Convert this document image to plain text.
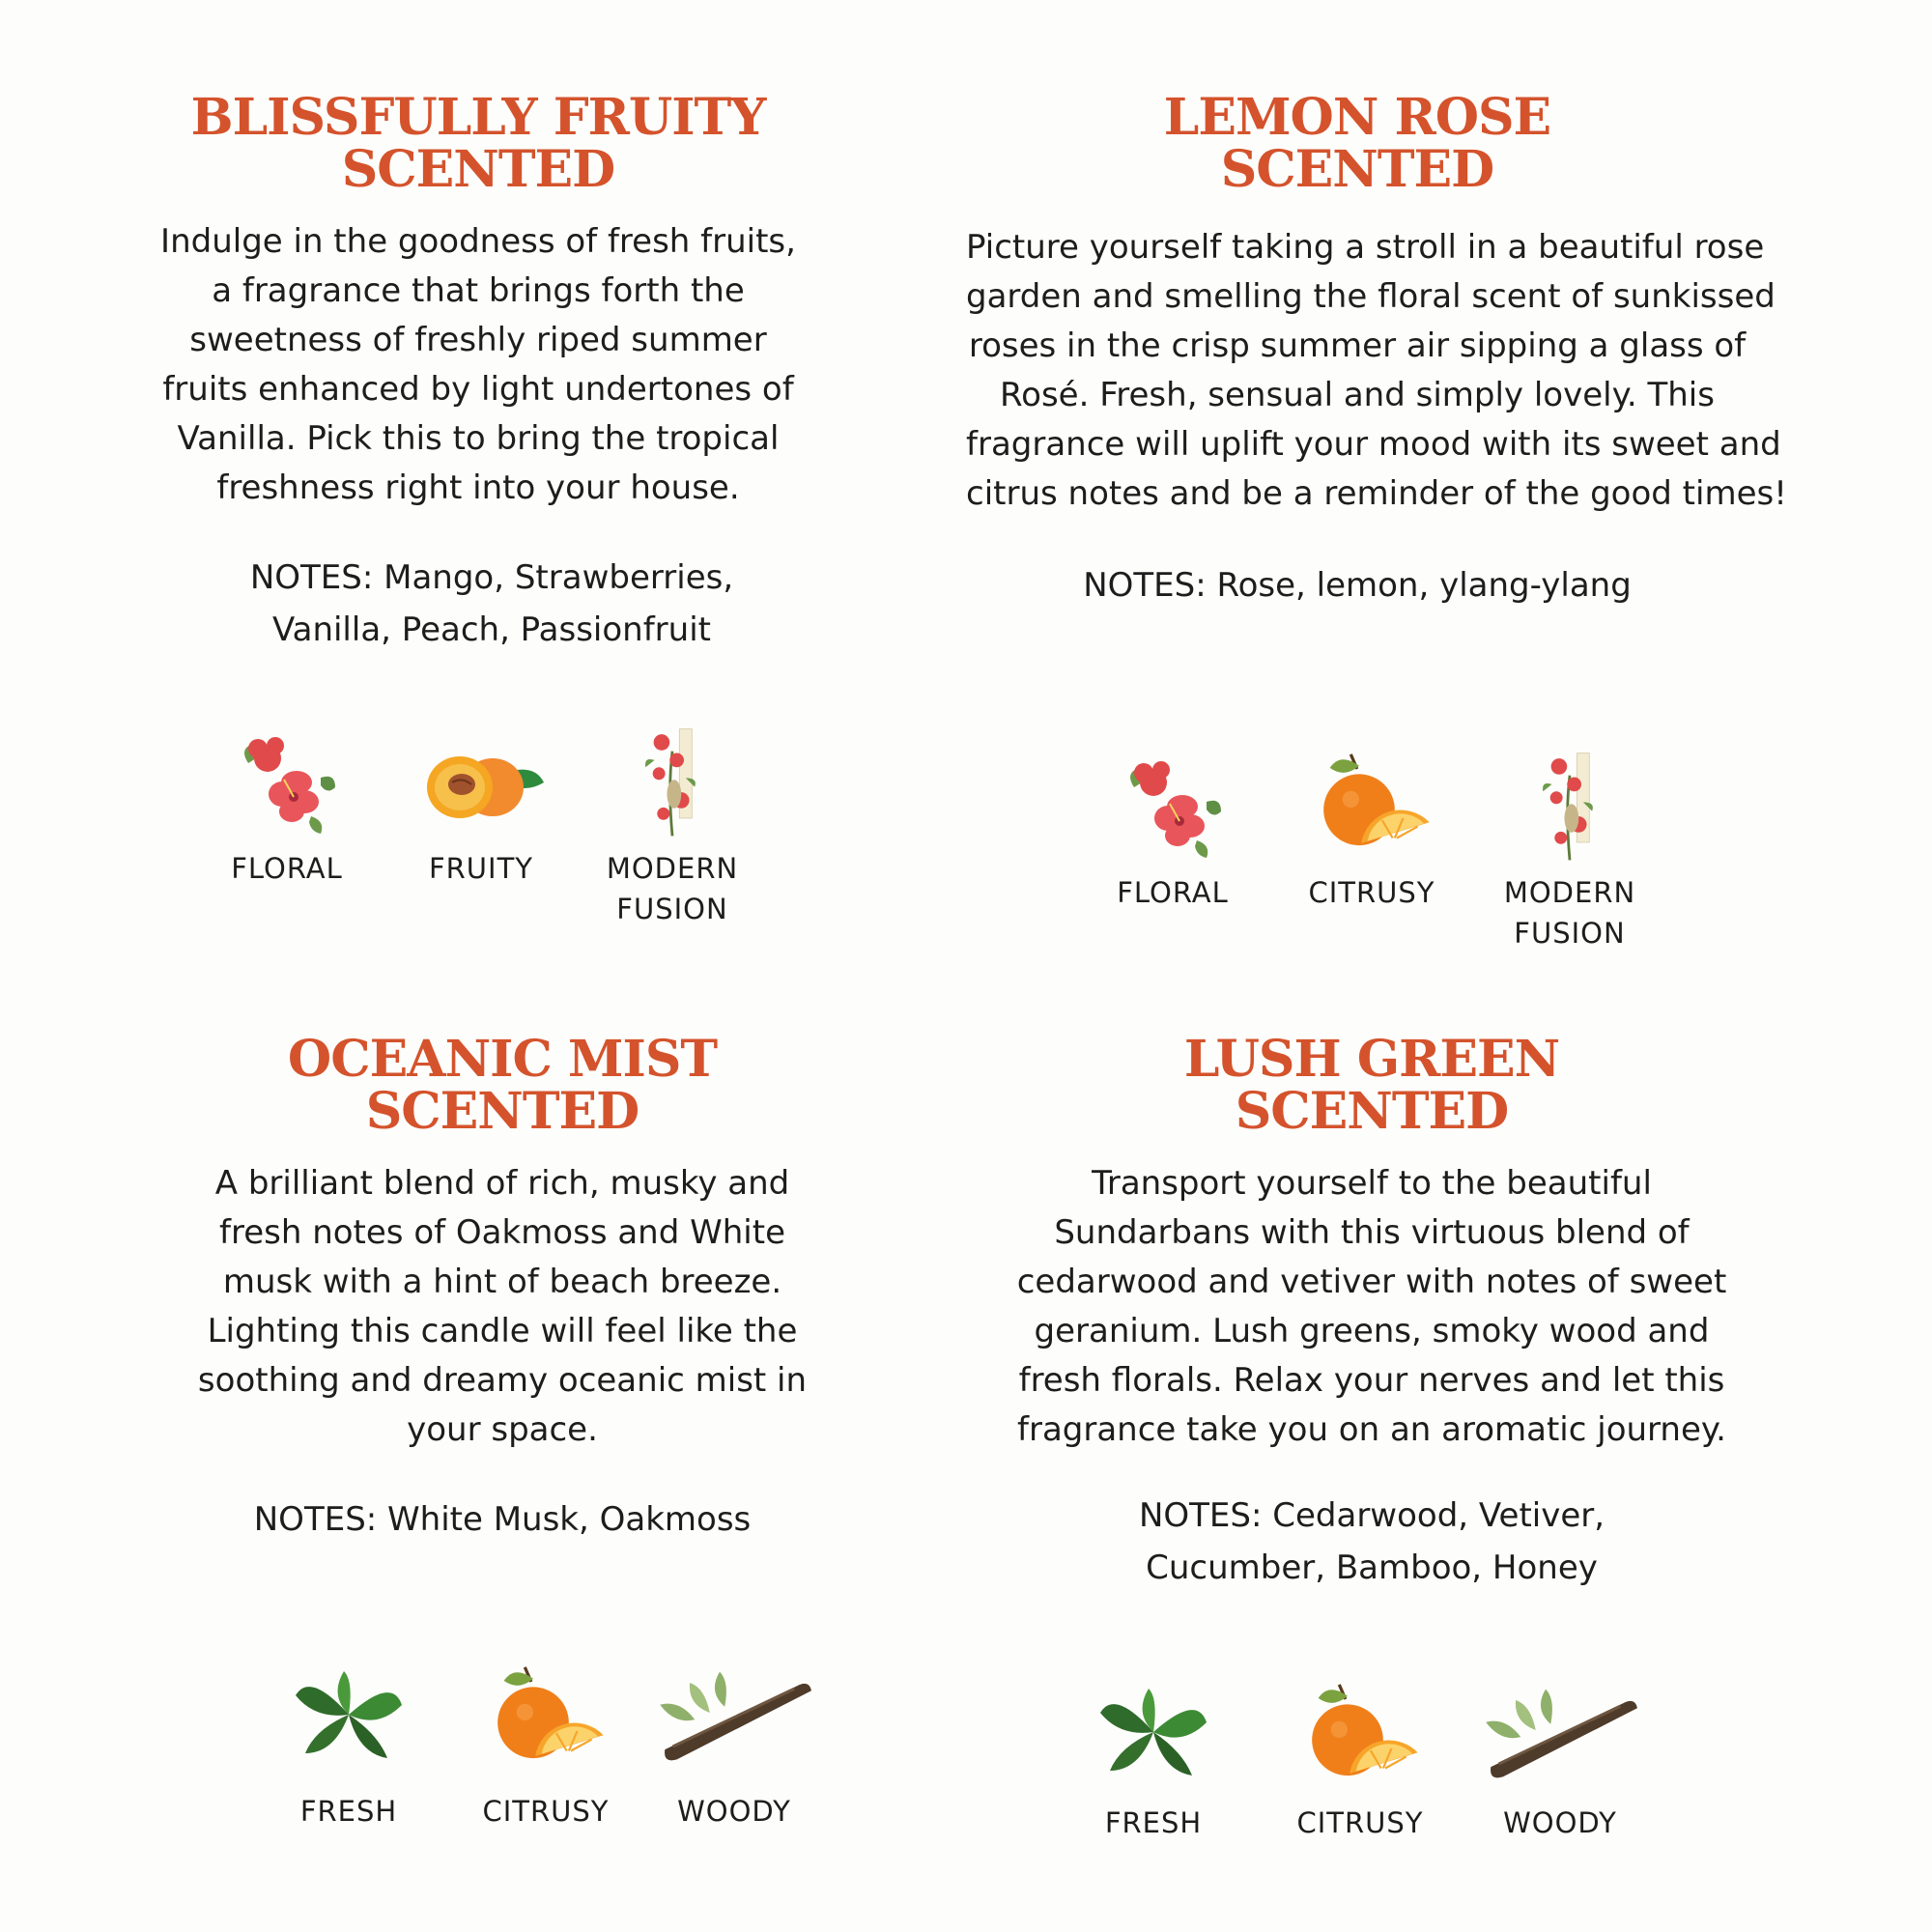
BLISSFULLY FRUITY
SCENTED

Indulge in the goodness of fresh fruits,
a fragrance that brings forth the
sweetness of freshly riped summer
fruits enhanced by light undertones of
Vanilla. Pick this to bring the tropical
freshness right into your house.

NOTES: Mango, Strawberries,
Vanilla, Peach, Passionfruit

FLORAL	FRUITY	MODERN
FUSION
LEMON ROSE
SCENTED

Picture yourself taking a stroll in a beautiful rose
garden and smelling the floral scent of sunkissed
roses in the crisp summer air sipping a glass of
Rosé. Fresh, sensual and simply lovely. This
fragrance will uplift your mood with its sweet and
citrus notes and be a reminder of the good times!

NOTES: Rose, lemon, ylang-ylang

FLORAL	CITRUSY	MODERN
FUSION
OCEANIC MIST
SCENTED

A brilliant blend of rich, musky and
fresh notes of Oakmoss and White
musk with a hint of beach breeze.
Lighting this candle will feel like the
soothing and dreamy oceanic mist in
your space.

NOTES: White Musk, Oakmoss

FRESH	CITRUSY	WOODY
LUSH GREEN
SCENTED

Transport yourself to the beautiful
Sundarbans with this virtuous blend of
cedarwood and vetiver with notes of sweet
geranium. Lush greens, smoky wood and
fresh florals. Relax your nerves and let this
fragrance take you on an aromatic journey.

NOTES: Cedarwood, Vetiver,
Cucumber, Bamboo, Honey

FRESH	CITRUSY	WOODY
